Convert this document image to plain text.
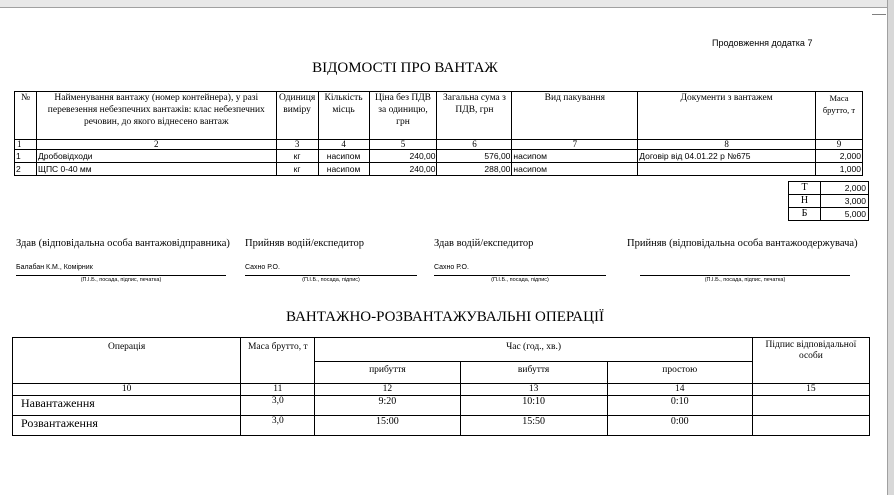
Продовження додатка 7
ВІДОМОСТІ ПРО ВАНТАЖ
№	Найменування вантажу (номер контейнера), у разі перевезення небезпечних вантажів: клас небезпечних речовин, до якого віднесено вантаж	Одиниця виміру	Кількість місць	Ціна без ПДВ за одиницю, грн	Загальна сума з ПДВ, грн	Вид пакування	Документи з вантажем	Маса брутто, т
1	2	3	4	5	6	7	8	9
1	Дробовідходи	кг	насипом	240,00	576,00	насипом	Договір від 04.01.22 р №675	2,000
2	ЩПС 0-40 мм	кг	насипом	240,00	288,00	насипом		1,000
Т	2,000
Н	3,000
Б	5,000
Здав (відповідальна особа вантажовідправника)
Балабан К.М., Комірник
(П.І.Б., посада, підпис, печатка)
Прийняв водій/експедитор
Сахно Р.О.
(П.І.Б., посада, підпис)
Здав водій/експедитор
Сахно Р.О.
(П.І.Б., посада, підпис)
Прийняв (відповідальна особа вантажоодержувача)
(П.І.Б., посада, підпис, печатка)
ВАНТАЖНО-РОЗВАНТАЖУВАЛЬНІ ОПЕРАЦІЇ
Операція	Маса брутто, т	Час (год., хв.)			Підпис відповідальної особи
		прибуття	вибуття	простою	
10	11	12	13	14	15
Навантаження	3,0	9:20	10:10	0:10	
Розвантаження	3,0	15:00	15:50	0:00	
